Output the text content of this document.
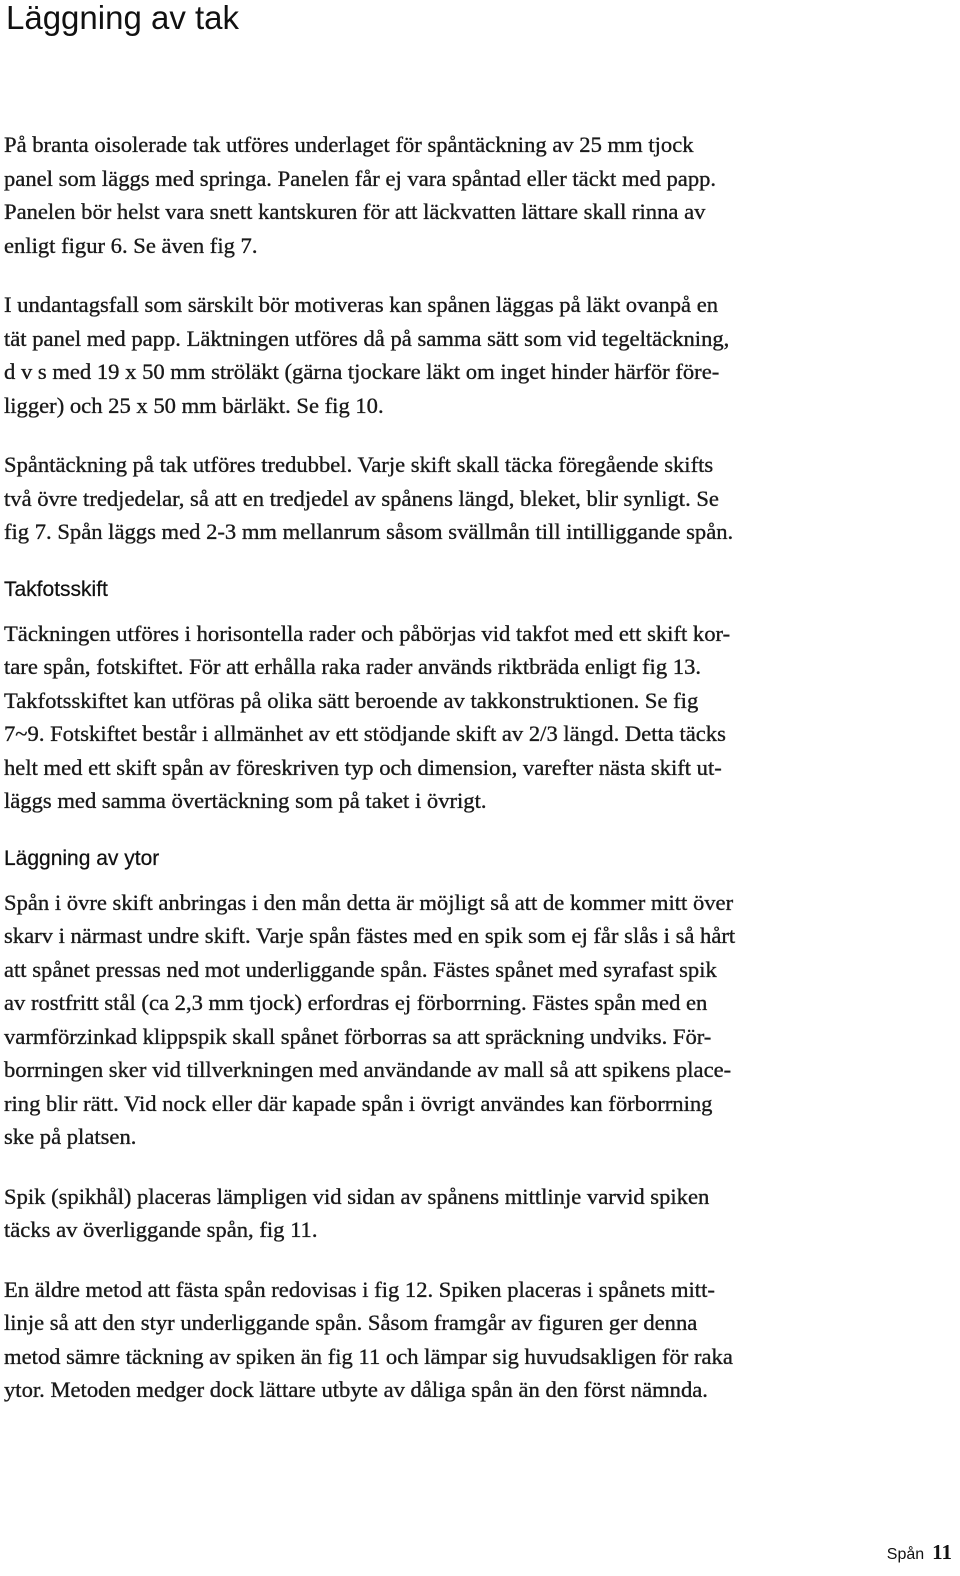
Läggning av tak

På branta oisolerade tak utföres underlaget för spåntäckning av 25 mm tjock
panel som läggs med springa. Panelen får ej vara spåntad eller täckt med papp.
Panelen bör helst vara snett kantskuren för att läckvatten lättare skall rinna av
enligt figur 6. Se även fig 7.

I undantagsfall som särskilt bör motiveras kan spånen läggas på läkt ovanpå en
tät panel med papp. Läktningen utföres då på samma sätt som vid tegeltäckning,
d v s med 19 x 50 mm ströläkt (gärna tjockare läkt om inget hinder härför före-
ligger) och 25 x 50 mm bärläkt. Se fig 10.

Spåntäckning på tak utföres tredubbel. Varje skift skall täcka föregående skifts
två övre tredjedelar, så att en tredjedel av spånens längd, bleket, blir synligt. Se
fig 7. Spån läggs med 2-3 mm mellanrum såsom svällmån till intilliggande spån.

Takfotsskift

Täckningen utföres i horisontella rader och påbörjas vid takfot med ett skift kor-
tare spån, fotskiftet. För att erhålla raka rader används riktbräda enligt fig 13.
Takfotsskiftet kan utföras på olika sätt beroende av takkonstruktionen. Se fig
7~9. Fotskiftet består i allmänhet av ett stödjande skift av 2/3 längd. Detta täcks
helt med ett skift spån av föreskriven typ och dimension, varefter nästa skift ut-
läggs med samma övertäckning som på taket i övrigt.

Läggning av ytor

Spån i övre skift anbringas i den mån detta är möjligt så att de kommer mitt över
skarv i närmast undre skift. Varje spån fästes med en spik som ej får slås i så hårt
att spånet pressas ned mot underliggande spån. Fästes spånet med syrafast spik
av rostfritt stål (ca 2,3 mm tjock) erfordras ej förborrning. Fästes spån med en
varmförzinkad klippspik skall spånet förborras sa att spräckning undviks. För-
borrningen sker vid tillverkningen med användande av mall så att spikens place-
ring blir rätt. Vid nock eller där kapade spån i övrigt användes kan förborrning
ske på platsen.

Spik (spikhål) placeras lämpligen vid sidan av spånens mittlinje varvid spiken
täcks av överliggande spån, fig 11.

En äldre metod att fästa spån redovisas i fig 12. Spiken placeras i spånets mitt-
linje så att den styr underliggande spån. Såsom framgår av figuren ger denna
metod sämre täckning av spiken än fig 11 och lämpar sig huvudsakligen för raka
ytor. Metoden medger dock lättare utbyte av dåliga spån än den först nämnda.

Spån 11
